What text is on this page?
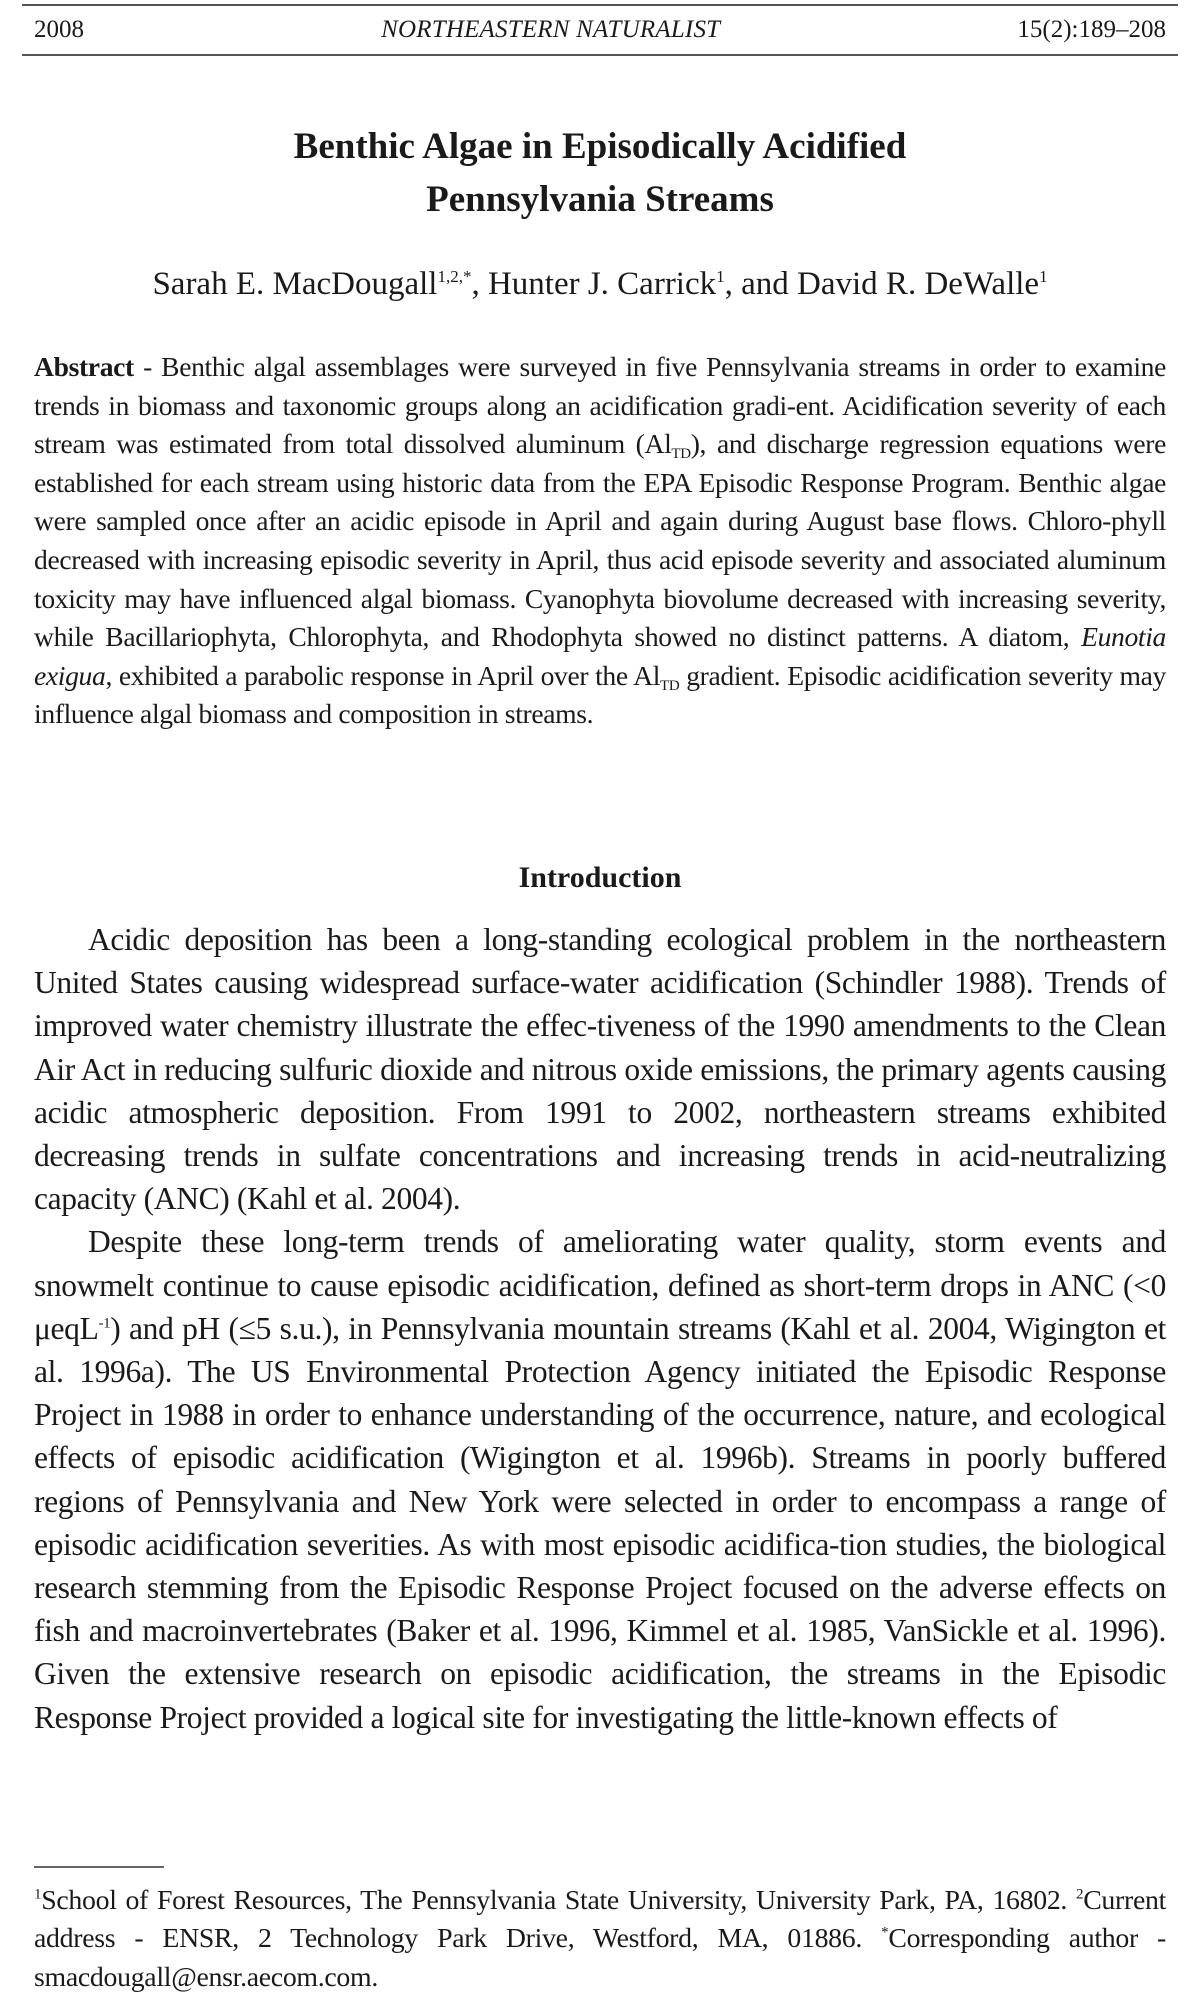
2008	NORTHEASTERN NATURALIST	15(2):189–208
Benthic Algae in Episodically Acidified
Pennsylvania Streams
Sarah E. MacDougall$^{1,2,*}$, Hunter J. Carrick$^1$, and David R. DeWalle$^1$
Abstract - Benthic algal assemblages were surveyed in five Pennsylvania streams in order to examine trends in biomass and taxonomic groups along an acidification gradi-ent. Acidification severity of each stream was estimated from total dissolved aluminum $(Al_{TD})$, and discharge regression equations were established for each stream using historic data from the EPA Episodic Response Program. Benthic algae were sampled once after an acidic episode in April and again during August base flows. Chloro-phyll decreased with increasing episodic severity in April, thus acid episode severity and associated aluminum toxicity may have influenced algal biomass. Cyanophyta biovolume decreased with increasing severity, while Bacillariophyta, Chlorophyta, and Rhodophyta showed no distinct patterns. A diatom, Eunotia exigua, exhibited a parabolic response in April over the $Al_{TD}$ gradient. Episodic acidification severity may influence algal biomass and composition in streams.
Introduction

Acidic deposition has been a long-standing ecological problem in the northeastern United States causing widespread surface-water acidification (Schindler 1988). Trends of improved water chemistry illustrate the effec-tiveness of the 1990 amendments to the Clean Air Act in reducing sulfuric dioxide and nitrous oxide emissions, the primary agents causing acidic atmospheric deposition. From 1991 to 2002, northeastern streams exhibited decreasing trends in sulfate concentrations and increasing trends in acid-neutralizing capacity (ANC) (Kahl et al. 2004).

Despite these long-term trends of ameliorating water quality, storm events and snowmelt continue to cause episodic acidification, defined as short-term drops in ANC (<0 μeqL$^{-1}$) and pH (≤5 s.u.), in Pennsylvania mountain streams (Kahl et al. 2004, Wigington et al. 1996a). The US Environmental Protection Agency initiated the Episodic Response Project in 1988 in order to enhance understanding of the occurrence, nature, and ecological effects of episodic acidification (Wigington et al. 1996b). Streams in poorly buffered regions of Pennsylvania and New York were selected in order to encompass a range of episodic acidification severities. As with most episodic acidifica-tion studies, the biological research stemming from the Episodic Response Project focused on the adverse effects on fish and macroinvertebrates (Baker et al. 1996, Kimmel et al. 1985, VanSickle et al. 1996). Given the extensive research on episodic acidification, the streams in the Episodic Response Project provided a logical site for investigating the little-known effects of

$^1$School of Forest Resources, The Pennsylvania State University, University Park, PA, 16802. $^2$Current address - ENSR, 2 Technology Park Drive, Westford, MA, 01886. *Corresponding author - smacdougall@ensr.aecom.com.
